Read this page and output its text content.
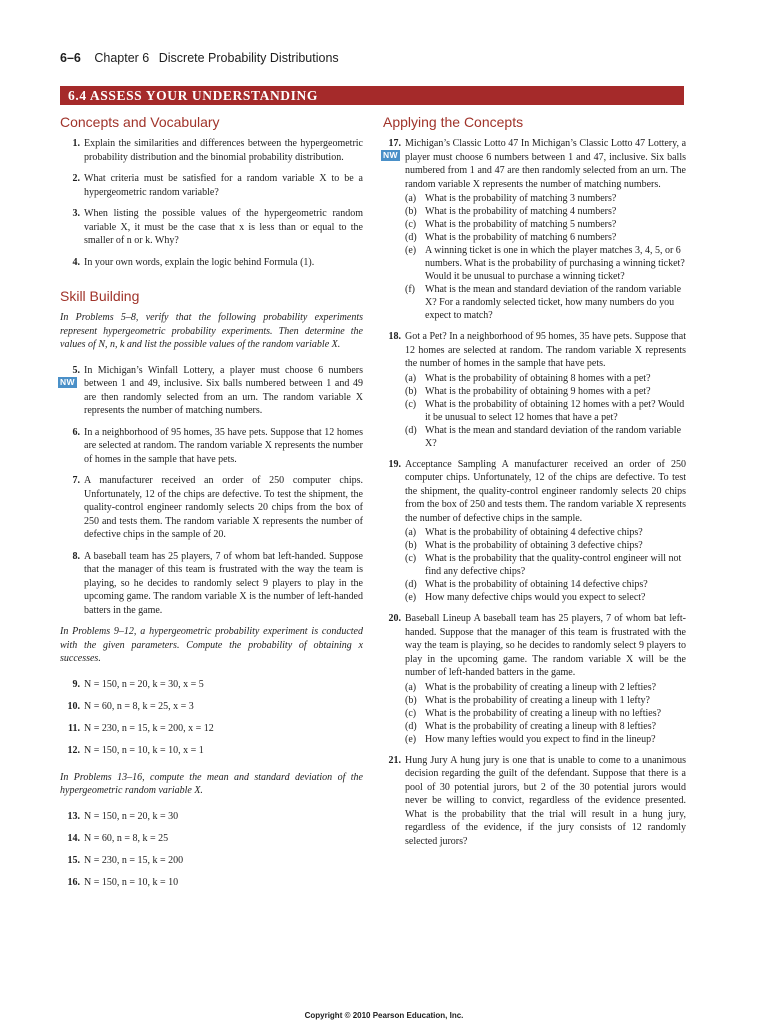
6–6 Chapter 6 Discrete Probability Distributions
6.4 ASSESS YOUR UNDERSTANDING
Concepts and Vocabulary
1. Explain the similarities and differences between the hypergeometric probability distribution and the binomial probability distribution.
2. What criteria must be satisfied for a random variable X to be a hypergeometric random variable?
3. When listing the possible values of the hypergeometric random variable X, it must be the case that x is less than or equal to the smaller of n or k. Why?
4. In your own words, explain the logic behind Formula (1).
Skill Building
In Problems 5–8, verify that the following probability experiments represent hypergeometric probability experiments. Then determine the values of N, n, k and list the possible values of the random variable X.
5.
NW
In Michigan’s Winfall Lottery, a player must choose 6 numbers between 1 and 49, inclusive. Six balls numbered between 1 and 49 are then randomly selected from an urn. The random variable X represents the number of matching numbers.
6. In a neighborhood of 95 homes, 35 have pets. Suppose that 12 homes are selected at random. The random variable X represents the number of homes in the sample that have pets.
7. A manufacturer received an order of 250 computer chips. Unfortunately, 12 of the chips are defective. To test the shipment, the quality-control engineer randomly selects 20 chips from the box of 250 and tests them. The random variable X represents the number of defective chips in the sample of 20.
8. A baseball team has 25 players, 7 of whom bat left-handed. Suppose that the manager of this team is frustrated with the way the team is playing, so he decides to randomly select 9 players to play in the upcoming game. The random variable X is the number of left-handed batters in the game.
In Problems 9–12, a hypergeometric probability experiment is conducted with the given parameters. Compute the probability of obtaining x successes.
9. N = 150, n = 20, k = 30, x = 5
10. N = 60, n = 8, k = 25, x = 3
11. N = 230, n = 15, k = 200, x = 12
12. N = 150, n = 10, k = 10, x = 1
In Problems 13–16, compute the mean and standard deviation of the hypergeometric random variable X.
13. N = 150, n = 20, k = 30
14. N = 60, n = 8, k = 25
15. N = 230, n = 15, k = 200
16. N = 150, n = 10, k = 10
Applying the Concepts
17.
NW
Michigan’s Classic Lotto 47 In Michigan’s Classic Lotto 47 Lottery, a player must choose 6 numbers between 1 and 47, inclusive. Six balls numbered from 1 and 47 are then randomly selected from an urn. The random variable X represents the number of matching numbers.
(a) What is the probability of matching 3 numbers?
(b) What is the probability of matching 4 numbers?
(c) What is the probability of matching 5 numbers?
(d) What is the probability of matching 6 numbers?
(e) A winning ticket is one in which the player matches 3, 4, 5, or 6 numbers. What is the probability of purchasing a winning ticket? Would it be unusual to purchase a winning ticket?
(f) What is the mean and standard deviation of the random variable X? For a randomly selected ticket, how many numbers do you expect to match?
18. Got a Pet? In a neighborhood of 95 homes, 35 have pets. Suppose that 12 homes are selected at random. The random variable X represents the number of homes in the sample that have pets.
(a) What is the probability of obtaining 8 homes with a pet?
(b) What is the probability of obtaining 9 homes with a pet?
(c) What is the probability of obtaining 12 homes with a pet? Would it be unusual to select 12 homes that have a pet?
(d) What is the mean and standard deviation of the random variable X?
19. Acceptance Sampling A manufacturer received an order of 250 computer chips. Unfortunately, 12 of the chips are defective. To test the shipment, the quality-control engineer randomly selects 20 chips from the box of 250 and tests them. The random variable X represents the number of defective chips in the sample.
(a) What is the probability of obtaining 4 defective chips?
(b) What is the probability of obtaining 3 defective chips?
(c) What is the probability that the quality-control engineer will not find any defective chips?
(d) What is the probability of obtaining 14 defective chips?
(e) How many defective chips would you expect to select?
20. Baseball Lineup A baseball team has 25 players, 7 of whom bat left-handed. Suppose that the manager of this team is frustrated with the way the team is playing, so he decides to randomly select 9 players to play in the upcoming game. The random variable X will be the number of left-handed batters in the game.
(a) What is the probability of creating a lineup with 2 lefties?
(b) What is the probability of creating a lineup with 1 lefty?
(c) What is the probability of creating a lineup with no lefties?
(d) What is the probability of creating a lineup with 8 lefties?
(e) How many lefties would you expect to find in the lineup?
21. Hung Jury A hung jury is one that is unable to come to a unanimous decision regarding the guilt of the defendant. Suppose that there is a pool of 30 potential jurors, but 2 of the 30 potential jurors would never be willing to convict, regardless of the evidence presented. What is the probability that the trial will result in a hung jury, regardless of the evidence, if the jury consists of 12 randomly selected jurors?
Copyright © 2010 Pearson Education, Inc.
